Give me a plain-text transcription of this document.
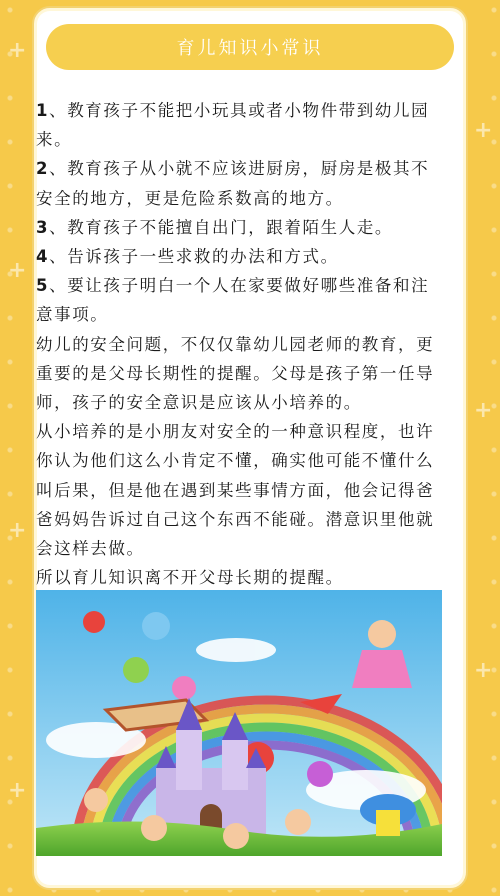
+
+
+
+
+
+
+
育儿知识小常识

1、教育孩子不能把小玩具或者小物件带到幼儿园来。

2、教育孩子从小就不应该进厨房，厨房是极其不安全的地方，更是危险系数高的地方。

3、教育孩子不能擅自出门，跟着陌生人走。

4、告诉孩子一些求救的办法和方式。

5、要让孩子明白一个人在家要做好哪些准备和注意事项。

幼儿的安全问题，不仅仅靠幼儿园老师的教育，更重要的是父母长期性的提醒。父母是孩子第一任导师，孩子的安全意识是应该从小培养的。

从小培养的是小朋友对安全的一种意识程度，也许你认为他们这么小肯定不懂，确实他可能不懂什么叫后果，但是他在遇到某些事情方面，他会记得爸爸妈妈告诉过自己这个东西不能碰。潜意识里他就会这样去做。

所以育儿知识离不开父母长期的提醒。
